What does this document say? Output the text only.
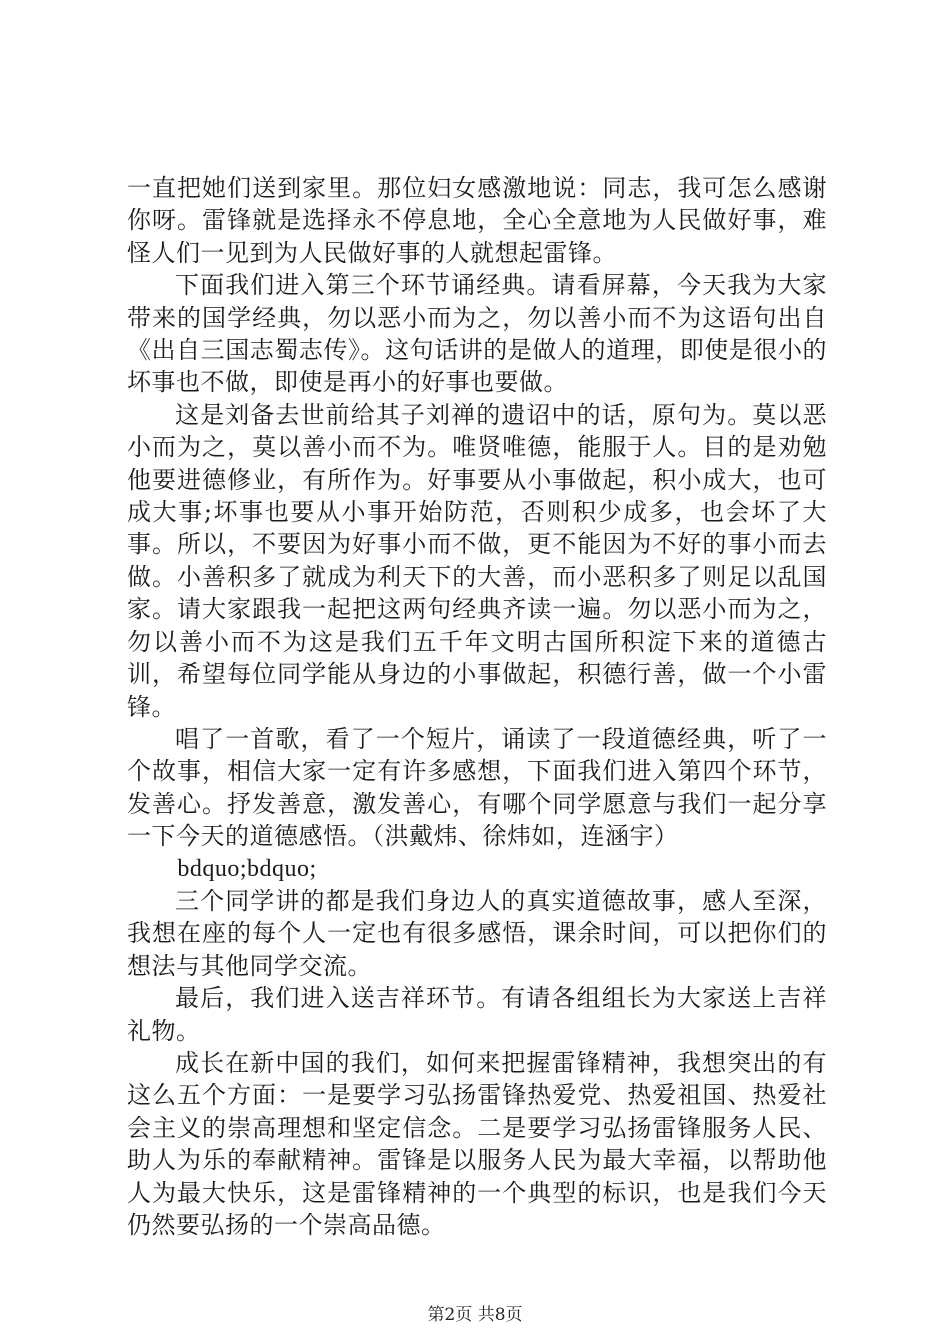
一直把她们送到家里。那位妇女感激地说：同志，我可怎么感谢你呀。雷锋就是选择永不停息地，全心全意地为人民做好事，难怪人们一见到为人民做好事的人就想起雷锋。

下面我们进入第三个环节诵经典。请看屏幕，今天我为大家带来的国学经典，勿以恶小而为之，勿以善小而不为这语句出自《出自三国志蜀志传》。这句话讲的是做人的道理，即使是很小的坏事也不做，即使是再小的好事也要做。

这是刘备去世前给其子刘禅的遗诏中的话，原句为。莫以恶小而为之，莫以善小而不为。唯贤唯德，能服于人。目的是劝勉他要进德修业，有所作为。好事要从小事做起，积小成大，也可成大事;坏事也要从小事开始防范，否则积少成多，也会坏了大事。所以，不要因为好事小而不做，更不能因为不好的事小而去做。小善积多了就成为利天下的大善，而小恶积多了则足以乱国家。请大家跟我一起把这两句经典齐读一遍。勿以恶小而为之，勿以善小而不为这是我们五千年文明古国所积淀下来的道德古训，希望每位同学能从身边的小事做起，积德行善，做一个小雷锋。

唱了一首歌，看了一个短片，诵读了一段道德经典，听了一个故事，相信大家一定有许多感想，下面我们进入第四个环节，发善心。抒发善意，激发善心，有哪个同学愿意与我们一起分享一下今天的道德感悟。（洪戴炜、徐炜如，连涵宇）

bdquo;bdquo;

三个同学讲的都是我们身边人的真实道德故事，感人至深，我想在座的每个人一定也有很多感悟，课余时间，可以把你们的想法与其他同学交流。

最后，我们进入送吉祥环节。有请各组组长为大家送上吉祥礼物。

成长在新中国的我们，如何来把握雷锋精神，我想突出的有这么五个方面：一是要学习弘扬雷锋热爱党、热爱祖国、热爱社会主义的崇高理想和坚定信念。二是要学习弘扬雷锋服务人民、助人为乐的奉献精神。雷锋是以服务人民为最大幸福，以帮助他人为最大快乐，这是雷锋精神的一个典型的标识，也是我们今天仍然要弘扬的一个崇高品德。

第2页 共8页
